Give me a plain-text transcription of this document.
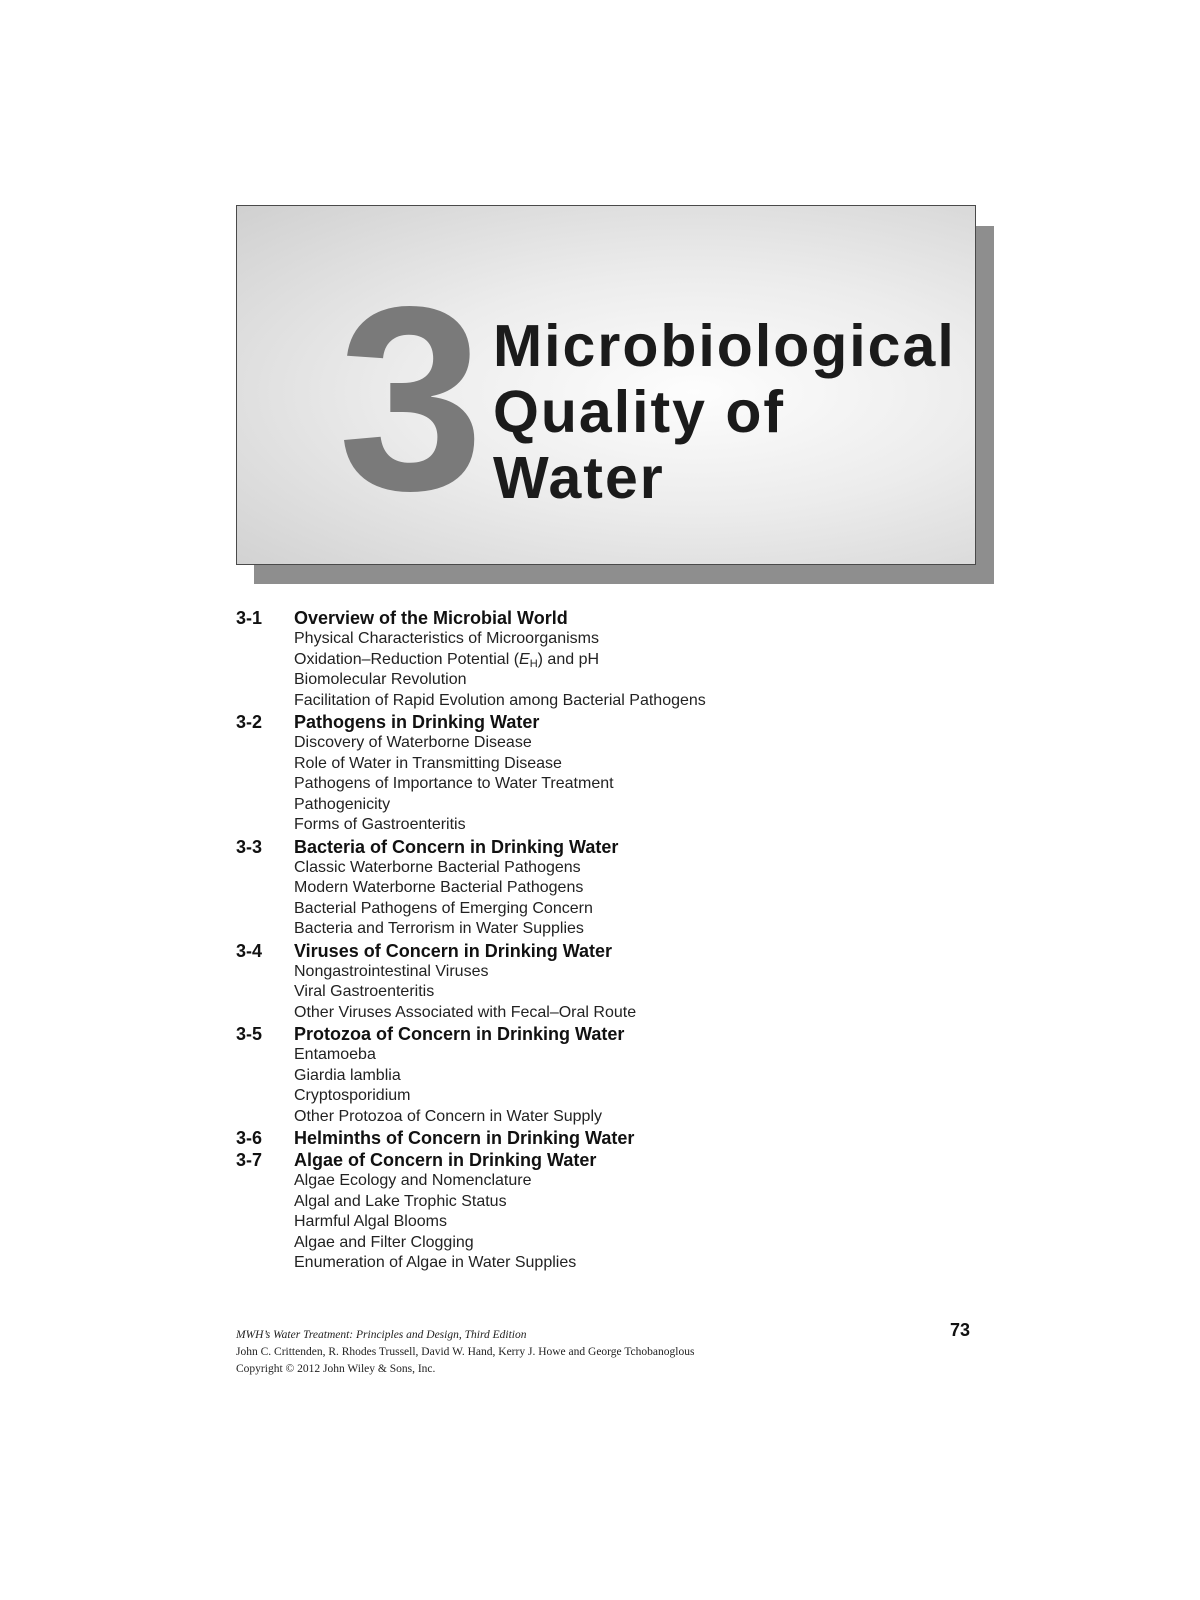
3 Microbiological
Quality of
Water
3-1	Overview of the Microbial World
Physical Characteristics of Microorganisms
Oxidation–Reduction Potential $(E_H)$ and pH
Biomolecular Revolution
Facilitation of Rapid Evolution among Bacterial Pathogens
3-2	Pathogens in Drinking Water
Discovery of Waterborne Disease
Role of Water in Transmitting Disease
Pathogens of Importance to Water Treatment
Pathogenicity
Forms of Gastroenteritis
3-3	Bacteria of Concern in Drinking Water
Classic Waterborne Bacterial Pathogens
Modern Waterborne Bacterial Pathogens
Bacterial Pathogens of Emerging Concern
Bacteria and Terrorism in Water Supplies
3-4	Viruses of Concern in Drinking Water
Nongastrointestinal Viruses
Viral Gastroenteritis
Other Viruses Associated with Fecal–Oral Route
3-5	Protozoa of Concern in Drinking Water
Entamoeba
Giardia lamblia
Cryptosporidium
Other Protozoa of Concern in Water Supply
3-6	Helminths of Concern in Drinking Water
3-7	Algae of Concern in Drinking Water
Algae Ecology and Nomenclature
Algal and Lake Trophic Status
Harmful Algal Blooms
Algae and Filter Clogging
Enumeration of Algae in Water Supplies
MWH’s Water Treatment: Principles and Design, Third Edition
John C. Crittenden, R. Rhodes Trussell, David W. Hand, Kerry J. Howe and George Tchobanoglous
Copyright © 2012 John Wiley & Sons, Inc.
73
